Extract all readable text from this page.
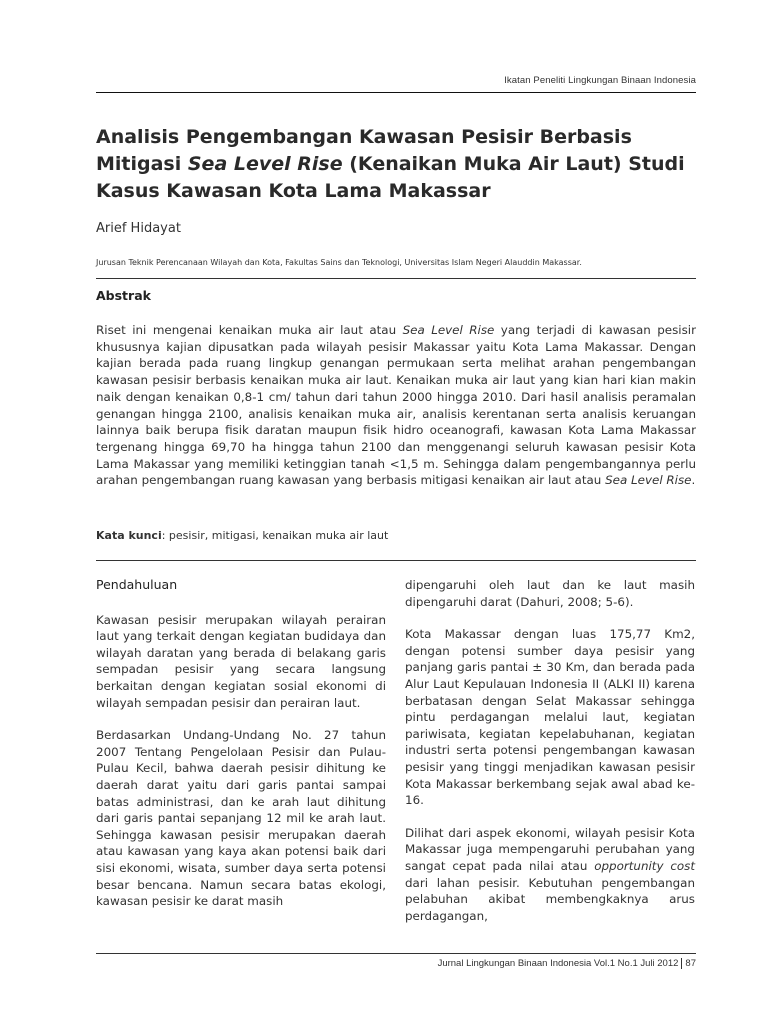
Ikatan Peneliti Lingkungan Binaan Indonesia
Analisis Pengembangan Kawasan Pesisir Berbasis Mitigasi Sea Level Rise (Kenaikan Muka Air Laut) Studi Kasus Kawasan Kota Lama Makassar
Arief Hidayat
Jurusan Teknik Perencanaan Wilayah dan Kota, Fakultas Sains dan Teknologi, Universitas Islam Negeri Alauddin Makassar.
Abstrak

Riset ini mengenai kenaikan muka air laut atau Sea Level Rise yang terjadi di kawasan pesisir khususnya kajian dipusatkan pada wilayah pesisir Makassar yaitu Kota Lama Makassar. Dengan kajian berada pada ruang lingkup genangan permukaan serta melihat arahan pengembangan kawasan pesisir berbasis kenaikan muka air laut. Kenaikan muka air laut yang kian hari kian makin naik dengan kenaikan 0,8-1 cm/ tahun dari tahun 2000 hingga 2010. Dari hasil analisis peramalan genangan hingga 2100, analisis kenaikan muka air, analisis kerentanan serta analisis keruangan lainnya baik berupa fisik daratan maupun fisik hidro oceanografi, kawasan Kota Lama Makassar tergenang hingga 69,70 ha hingga tahun 2100 dan menggenangi seluruh kawasan pesisir Kota Lama Makassar yang memiliki ketinggian tanah <1,5 m. Sehingga dalam pengembangannya perlu arahan pengembangan ruang kawasan yang berbasis mitigasi kenaikan air laut atau Sea Level Rise.

Kata kunci: pesisir, mitigasi, kenaikan muka air laut
Pendahuluan

Kawasan pesisir merupakan wilayah perairan laut yang terkait dengan kegiatan budidaya dan wilayah daratan yang berada di belakang garis sempadan pesisir yang secara langsung berkaitan dengan kegiatan sosial ekonomi di wilayah sempadan pesisir dan perairan laut.

Berdasarkan Undang-Undang No. 27 tahun 2007 Tentang Pengelolaan Pesisir dan Pulau-Pulau Kecil, bahwa daerah pesisir dihitung ke daerah darat yaitu dari garis pantai sampai batas administrasi, dan ke arah laut dihitung dari garis pantai sepanjang 12 mil ke arah laut. Sehingga kawasan pesisir merupakan daerah atau kawasan yang kaya akan potensi baik dari sisi ekonomi, wisata, sumber daya serta potensi besar bencana. Namun secara batas ekologi, kawasan pesisir ke darat masih

dipengaruhi oleh laut dan ke laut masih dipengaruhi darat (Dahuri, 2008; 5-6).

Kota Makassar dengan luas 175,77 Km2, dengan potensi sumber daya pesisir yang panjang garis pantai ± 30 Km, dan berada pada Alur Laut Kepulauan Indonesia II (ALKI II) karena berbatasan dengan Selat Makassar sehingga pintu perdagangan melalui laut, kegiatan pariwisata, kegiatan kepelabuhanan, kegiatan industri serta potensi pengembangan kawasan pesisir yang tinggi menjadikan kawasan pesisir Kota Makassar berkembang sejak awal abad ke-16.

Dilihat dari aspek ekonomi, wilayah pesisir Kota Makassar juga mempengaruhi perubahan yang sangat cepat pada nilai atau opportunity cost dari lahan pesisir. Kebutuhan pengembangan pelabuhan akibat membengkaknya arus perdagangan,

Jurnal Lingkungan Binaan Indonesia Vol.1 No.1 Juli 2012 87
